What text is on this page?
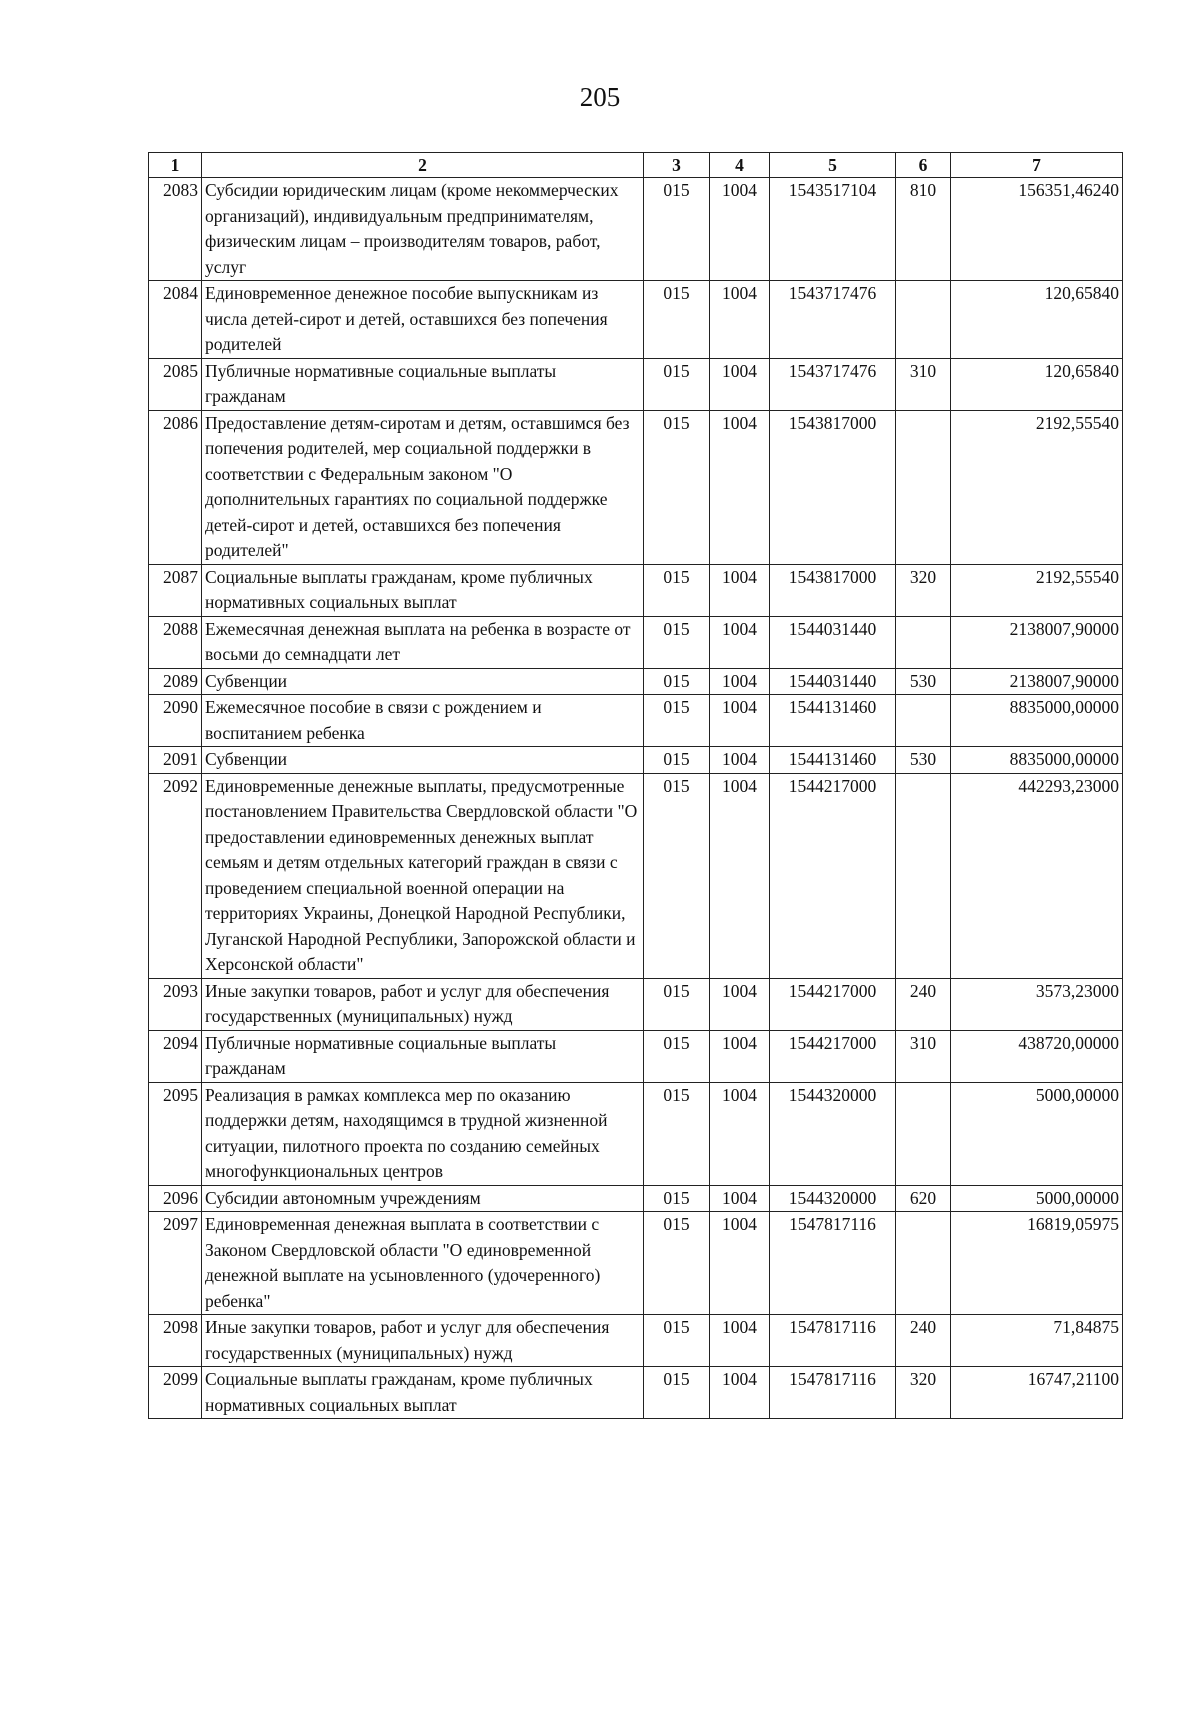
205
1	2	3	4	5	6	7
2083	Субсидии юридическим лицам (кроме некоммерческих организаций), индивидуальным предпринимателям, физическим лицам – производителям товаров, работ, услуг	015	1004	1543517104	810	156351,46240
2084	Единовременное денежное пособие выпускникам из числа детей-сирот и детей, оставшихся без попечения родителей	015	1004	1543717476		120,65840
2085	Публичные нормативные социальные выплаты гражданам	015	1004	1543717476	310	120,65840
2086	Предоставление детям-сиротам и детям, оставшимся без попечения родителей, мер социальной поддержки в соответствии с Федеральным законом "О дополнительных гарантиях по социальной поддержке детей-сирот и детей, оставшихся без попечения родителей"	015	1004	1543817000		2192,55540
2087	Социальные выплаты гражданам, кроме публичных нормативных социальных выплат	015	1004	1543817000	320	2192,55540
2088	Ежемесячная денежная выплата на ребенка в возрасте от восьми до семнадцати лет	015	1004	1544031440		2138007,90000
2089	Субвенции	015	1004	1544031440	530	2138007,90000
2090	Ежемесячное пособие в связи с рождением и воспитанием ребенка	015	1004	1544131460		8835000,00000
2091	Субвенции	015	1004	1544131460	530	8835000,00000
2092	Единовременные денежные выплаты, предусмотренные постановлением Правительства Свердловской области "О предоставлении единовременных денежных выплат семьям и детям отдельных категорий граждан в связи с проведением специальной военной операции на территориях Украины, Донецкой Народной Республики, Луганской Народной Республики, Запорожской области и Херсонской области"	015	1004	1544217000		442293,23000
2093	Иные закупки товаров, работ и услуг для обеспечения государственных (муниципальных) нужд	015	1004	1544217000	240	3573,23000
2094	Публичные нормативные социальные выплаты гражданам	015	1004	1544217000	310	438720,00000
2095	Реализация в рамках комплекса мер по оказанию поддержки детям, находящимся в трудной жизненной ситуации, пилотного проекта по созданию семейных многофункциональных центров	015	1004	1544320000		5000,00000
2096	Субсидии автономным учреждениям	015	1004	1544320000	620	5000,00000
2097	Единовременная денежная выплата в соответствии с Законом Свердловской области "О единовременной денежной выплате на усыновленного (удочеренного) ребенка"	015	1004	1547817116		16819,05975
2098	Иные закупки товаров, работ и услуг для обеспечения государственных (муниципальных) нужд	015	1004	1547817116	240	71,84875
2099	Социальные выплаты гражданам, кроме публичных нормативных социальных выплат	015	1004	1547817116	320	16747,21100
